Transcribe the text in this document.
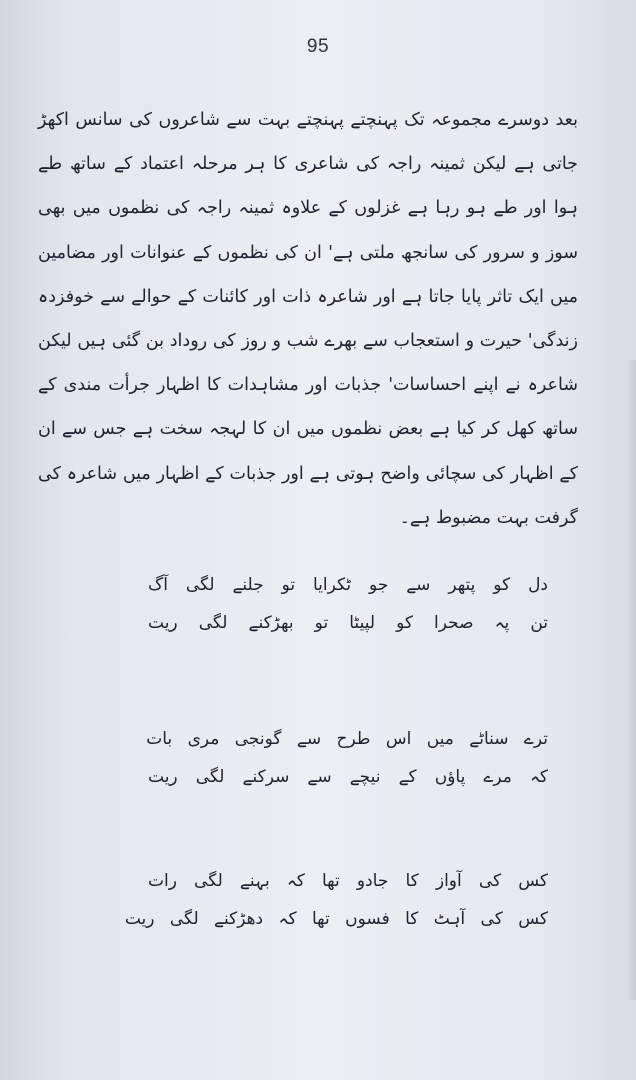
95

بعد دوسرے مجموعہ تک پہنچتے پہنچتے بہت سے شاعروں کی سانس اکھڑ جاتی ہے لیکن ثمینہ راجہ کی شاعری کا ہر مرحلہ اعتماد کے ساتھ طے ہوا اور طے ہو رہا ہے غزلوں کے علاوہ ثمینہ راجہ کی نظموں میں بھی سوز و سرور کی سانجھ ملتی ہے' ان کی نظموں کے عنوانات اور مضامین میں ایک تاثر پایا جاتا ہے اور شاعرہ ذات اور کائنات کے حوالے سے خوفزدہ زندگی' حیرت و استعجاب سے بھرے شب و روز کی روداد بن گئی ہیں لیکن شاعرہ نے اپنے احساسات' جذبات اور مشاہدات کا اظہار جرأت مندی کے ساتھ کھل کر کیا ہے بعض نظموں میں ان کا لہجہ سخت ہے جس سے ان کے اظہار کی سچائی واضح ہوتی ہے اور جذبات کے اظہار میں شاعرہ کی گرفت بہت مضبوط ہے۔

دل کو پتھر سے جو ٹکرایا تو جلنے لگی آگ
تن پہ صحرا کو لپیٹا تو بھڑکنے لگی ریت
ترے سناٹے میں اس طرح سے گونجی مری بات
کہ مرے پاؤں کے نیچے سے سرکنے لگی ریت
کس کی آواز کا جادو تھا کہ بہنے لگی رات
کس کی آہٹ کا فسوں تھا کہ دھڑکنے لگی ریت
